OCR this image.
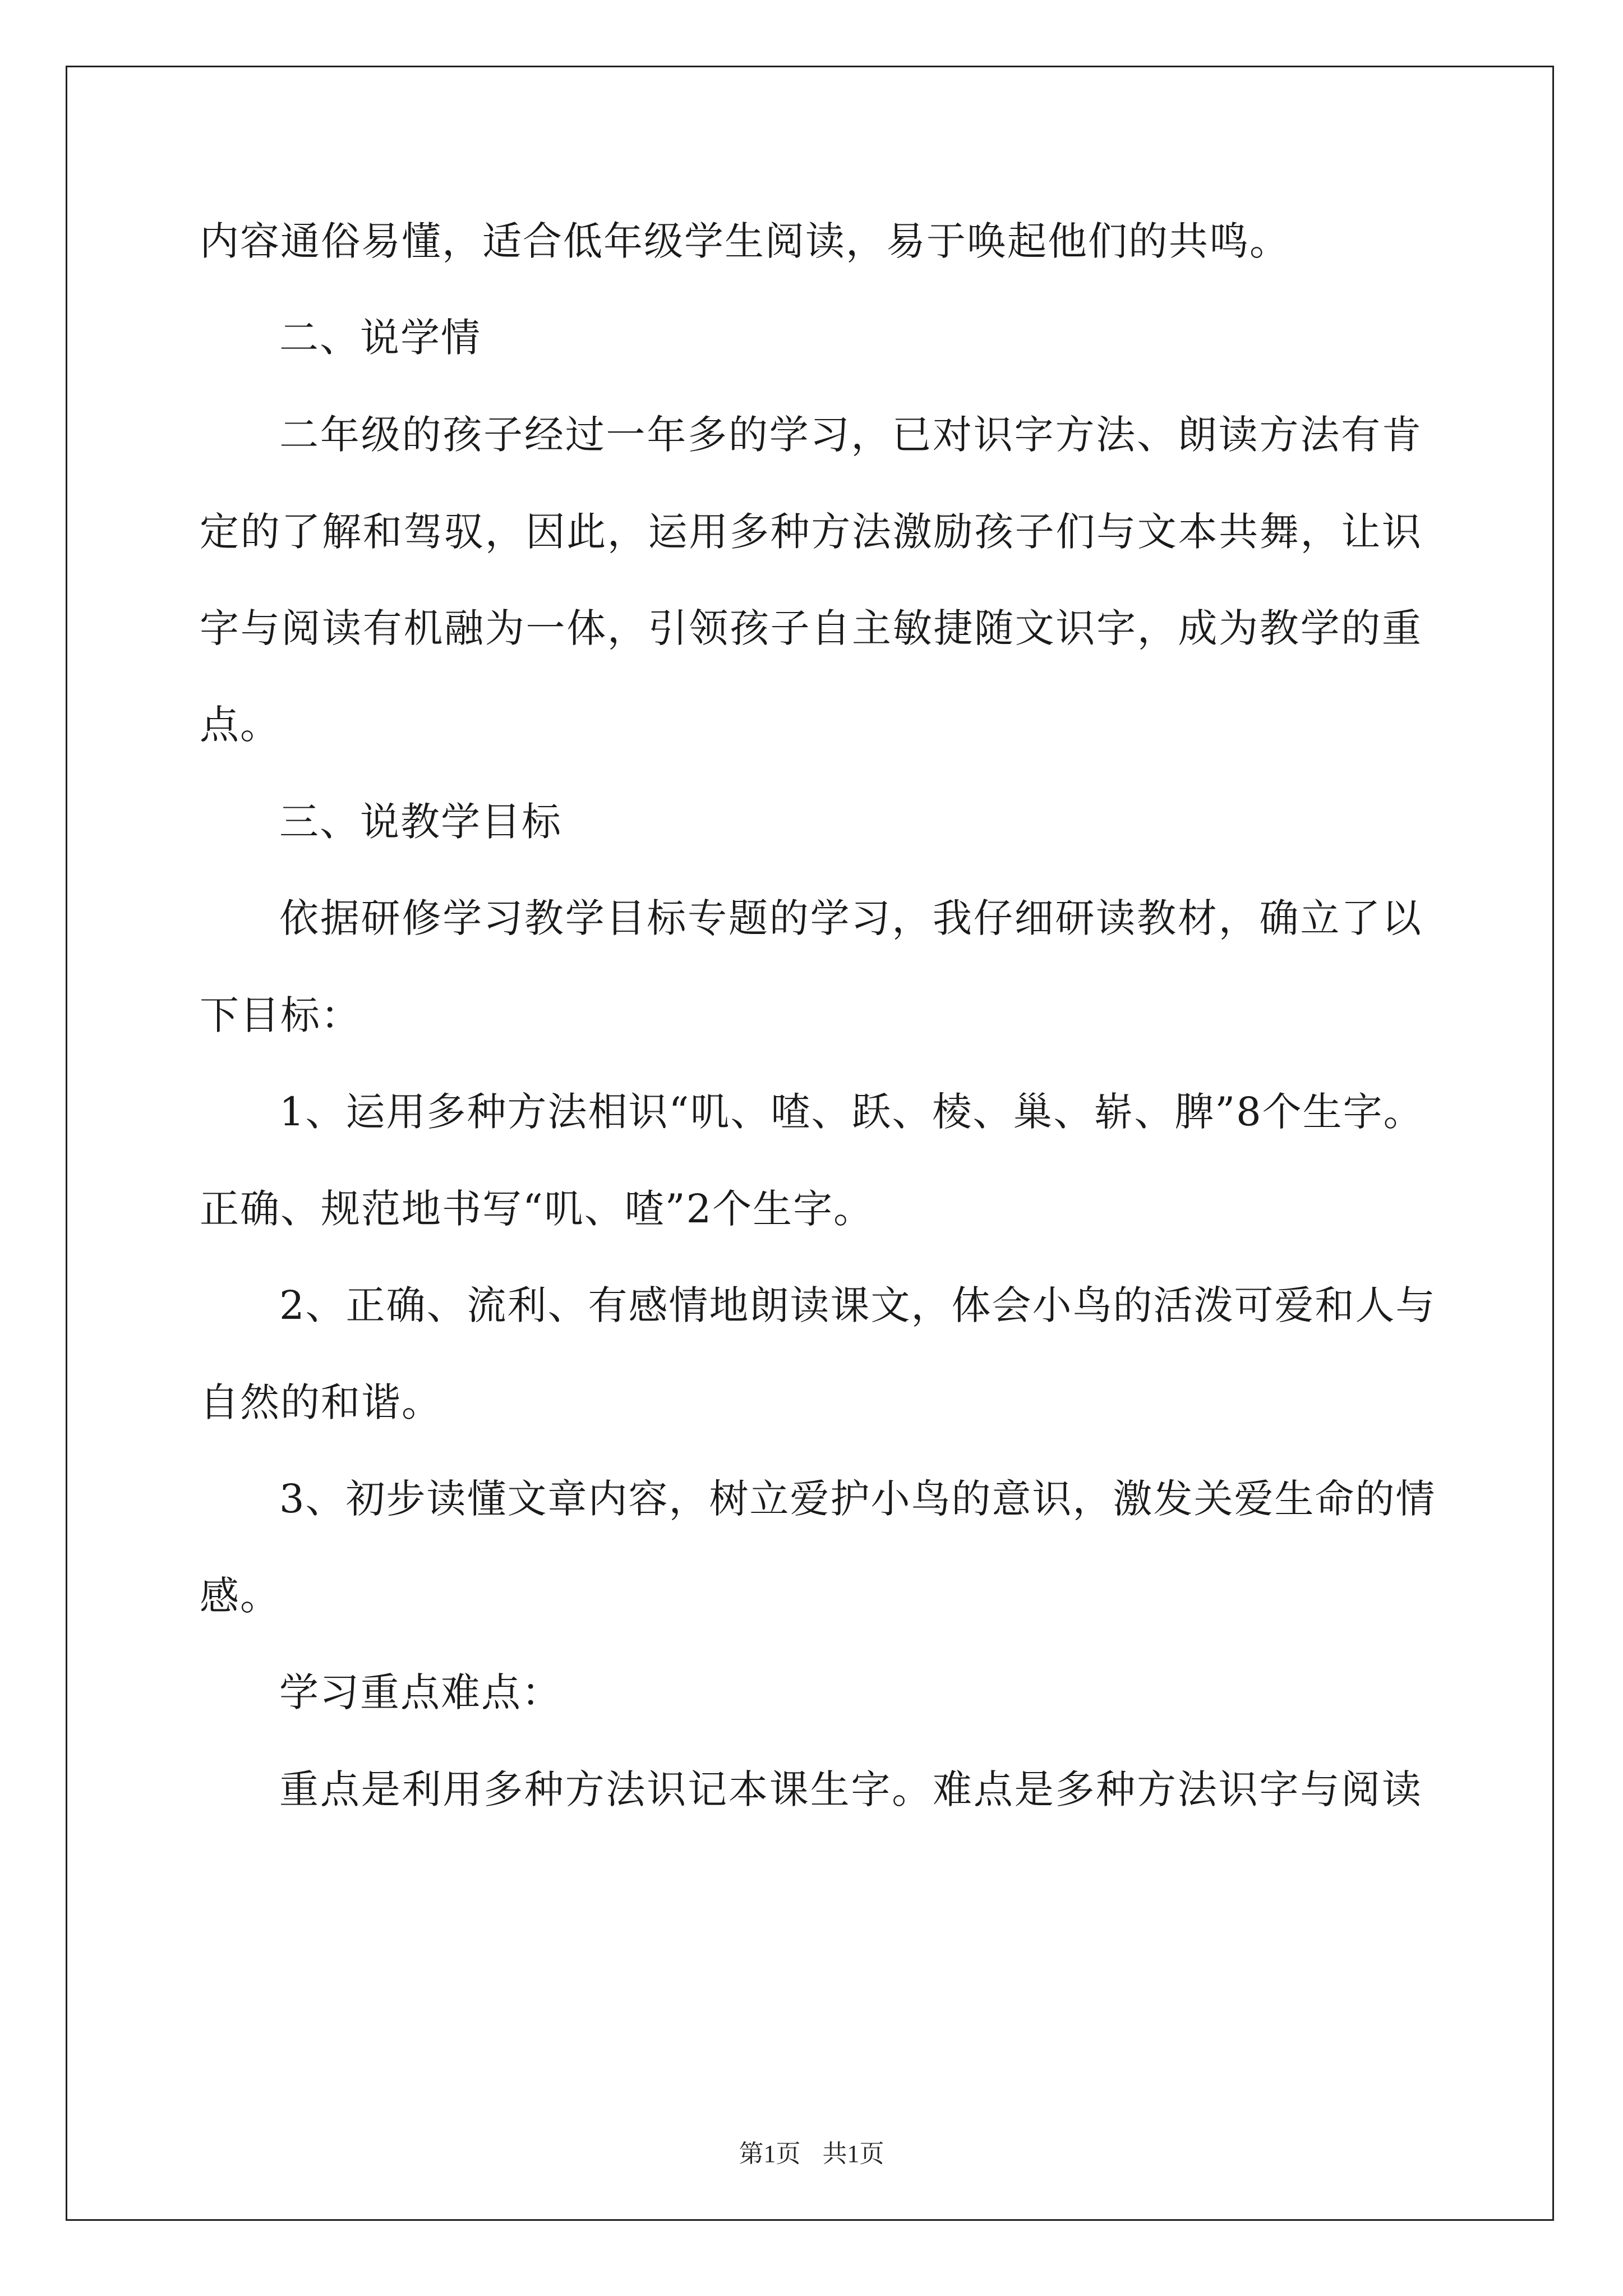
内容通俗易懂，适合低年级学生阅读，易于唤起他们的共鸣。
二、说学情
二年级的孩子经过一年多的学习，已对识字方法、朗读方法有肯
定的了解和驾驭，因此，运用多种方法激励孩子们与文本共舞，让识
字与阅读有机融为一体，引领孩子自主敏捷随文识字，成为教学的重
点。
三、说教学目标
依据研修学习教学目标专题的学习，我仔细研读教材，确立了以
下目标：
1、运用多种方法相识“叽、喳、跃、棱、巢、崭、脾”8个生字。
正确、规范地书写“叽、喳”2个生字。
2、正确、流利、有感情地朗读课文，体会小鸟的活泼可爱和人与
自然的和谐。
3、初步读懂文章内容，树立爱护小鸟的意识，激发关爱生命的情
感。
学习重点难点：
重点是利用多种方法识记本课生字。难点是多种方法识字与阅读
第1页 共1页
